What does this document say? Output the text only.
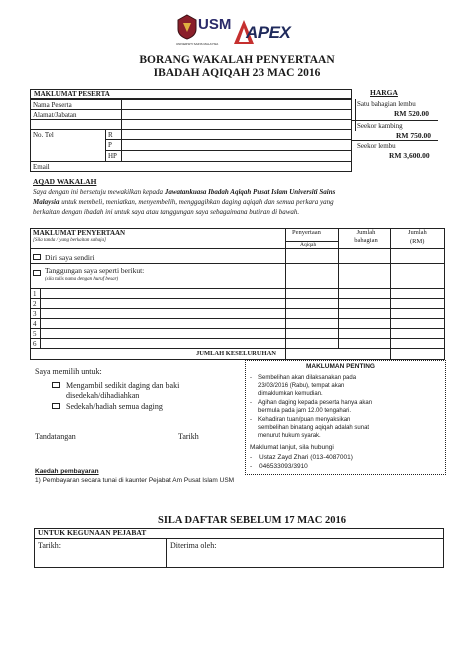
USM
UNIVERSITI SAINS MALAYSIA
APEX
BORANG WAKALAH PENYERTAAN
IBADAH AQIQAH 23 MAC 2016
MAKLUMAT PESERTA
Nama Peserta
Alamat/Jabatan
No. Tel	R
P
HP
Email
HARGA
Satu bahagian lembu
RM 520.00
Seekor kambing
RM 750.00
Seekor lembu
RM 3,600.00
AQAD WAKALAH
Saya dengan ini bersetuju mewakilkan kepada Jawatankuasa Ibadah Aqiqah Pusat Islam Universiti Sains
Malaysia untuk membeli, meniatkan, menyembelih, menggagihkan daging aqiqah dan semua perkara yang
berkaitan dengan ibadah ini untuk saya atau tanggungan saya sebagaimana butiran di bawah.
MAKLUMAT PENYERTAAN
[Sila tanda / yang berkaitan sahaja]
Penyertaan
Aqiqah
Jumlah bahagian
Jumlah
(RM)
Diri saya sendiri
Tanggungan saya seperti berikut:
(sila tulis nama dengan huruf besar)
1
2
3
4
5
6
JUMLAH KESELURUHAN
Saya memilih untuk:
Mengambil sedikit daging dan baki
disedekah/dihadiahkan
Sedekah/hadiah semua daging
Tandatangan	Tarikh
MAKLUMAN PENTING
- Sembelihan akan dilaksanakan pada
23/03/2016 (Rabu), tempat akan
dimaklumkan kemudian.
- Agihan daging kepada peserta hanya akan
bermula pada jam 12.00 tengahari.
- Kehadiran tuan/puan menyaksikan
sembelihan binatang aqiqah adalah sunat
menurut hukum syarak.
Maklumat lanjut, sila hubungi
- Ustaz Zayd Zhari (013-4087001)
- 046533093/3910
Kaedah pembayaran
1) Pembayaran secara tunai di kaunter Pejabat Am Pusat Islam USM
SILA DAFTAR SEBELUM 17 MAC 2016
UNTUK KEGUNAAN PEJABAT
Tarikh:	Diterima oleh:
